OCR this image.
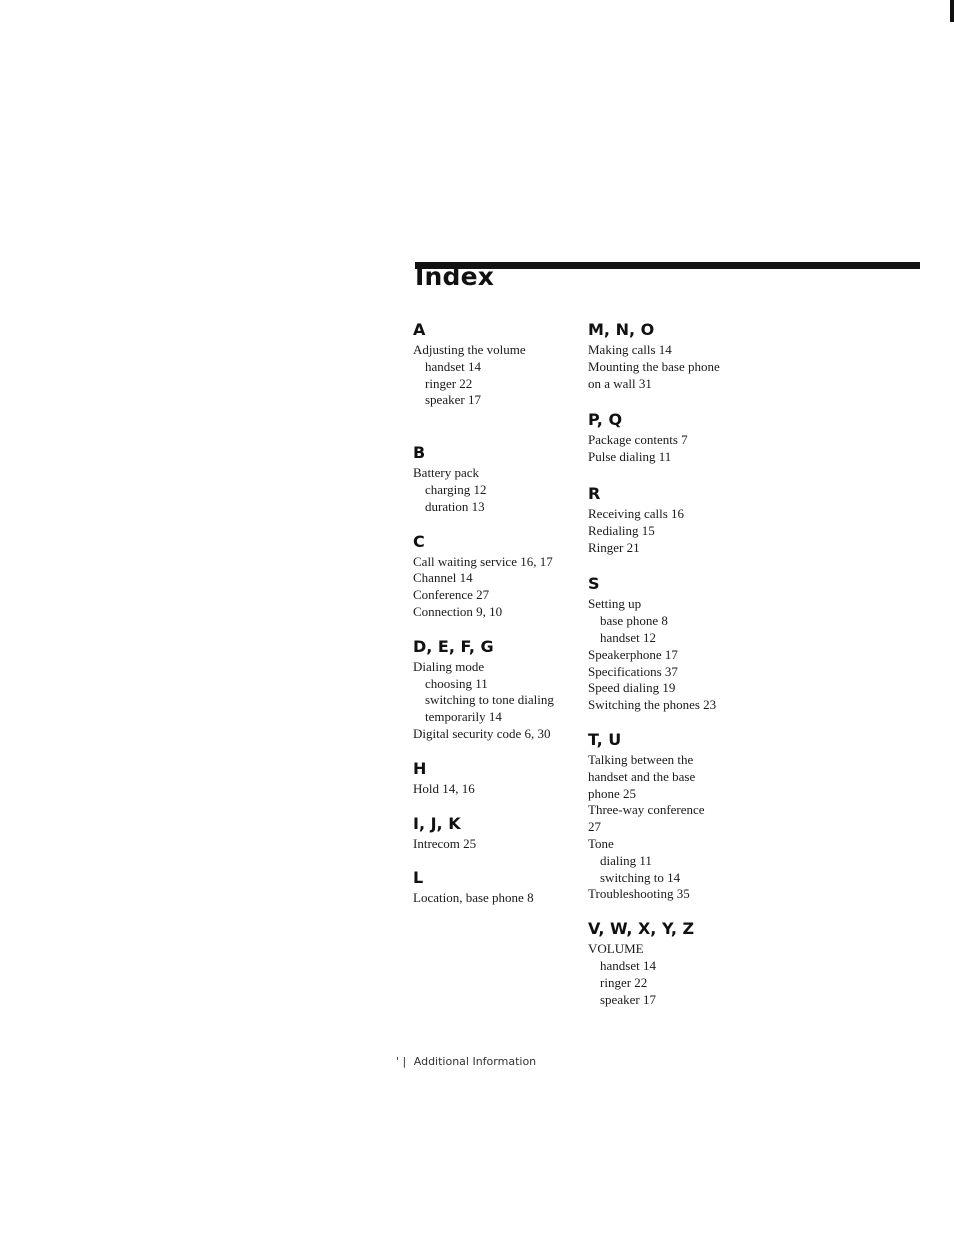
Index
A
Adjusting the volume
handset 14
ringer 22
speaker 17
B
Battery pack
charging 12
duration 13
C
Call waiting service 16, 17
Channel 14
Conference 27
Connection 9, 10
D, E, F, G
Dialing mode
choosing 11
switching to tone dialing
temporarily 14
Digital security code 6, 30
H
Hold 14, 16
I, J, K
Intrecom 25
L
Location, base phone 8
M, N, O
Making calls 14
Mounting the base phone
on a wall 31
P, Q
Package contents 7
Pulse dialing 11
R
Receiving calls 16
Redialing 15
Ringer 21
S
Setting up
base phone 8
handset 12
Speakerphone 17
Specifications 37
Speed dialing 19
Switching the phones 23
T, U
Talking between the
handset and the base
phone 25
Three-way conference
27
Tone
dialing 11
switching to 14
Troubleshooting 35
V, W, X, Y, Z
VOLUME
handset 14
ringer 22
speaker 17
' | Additional Information
